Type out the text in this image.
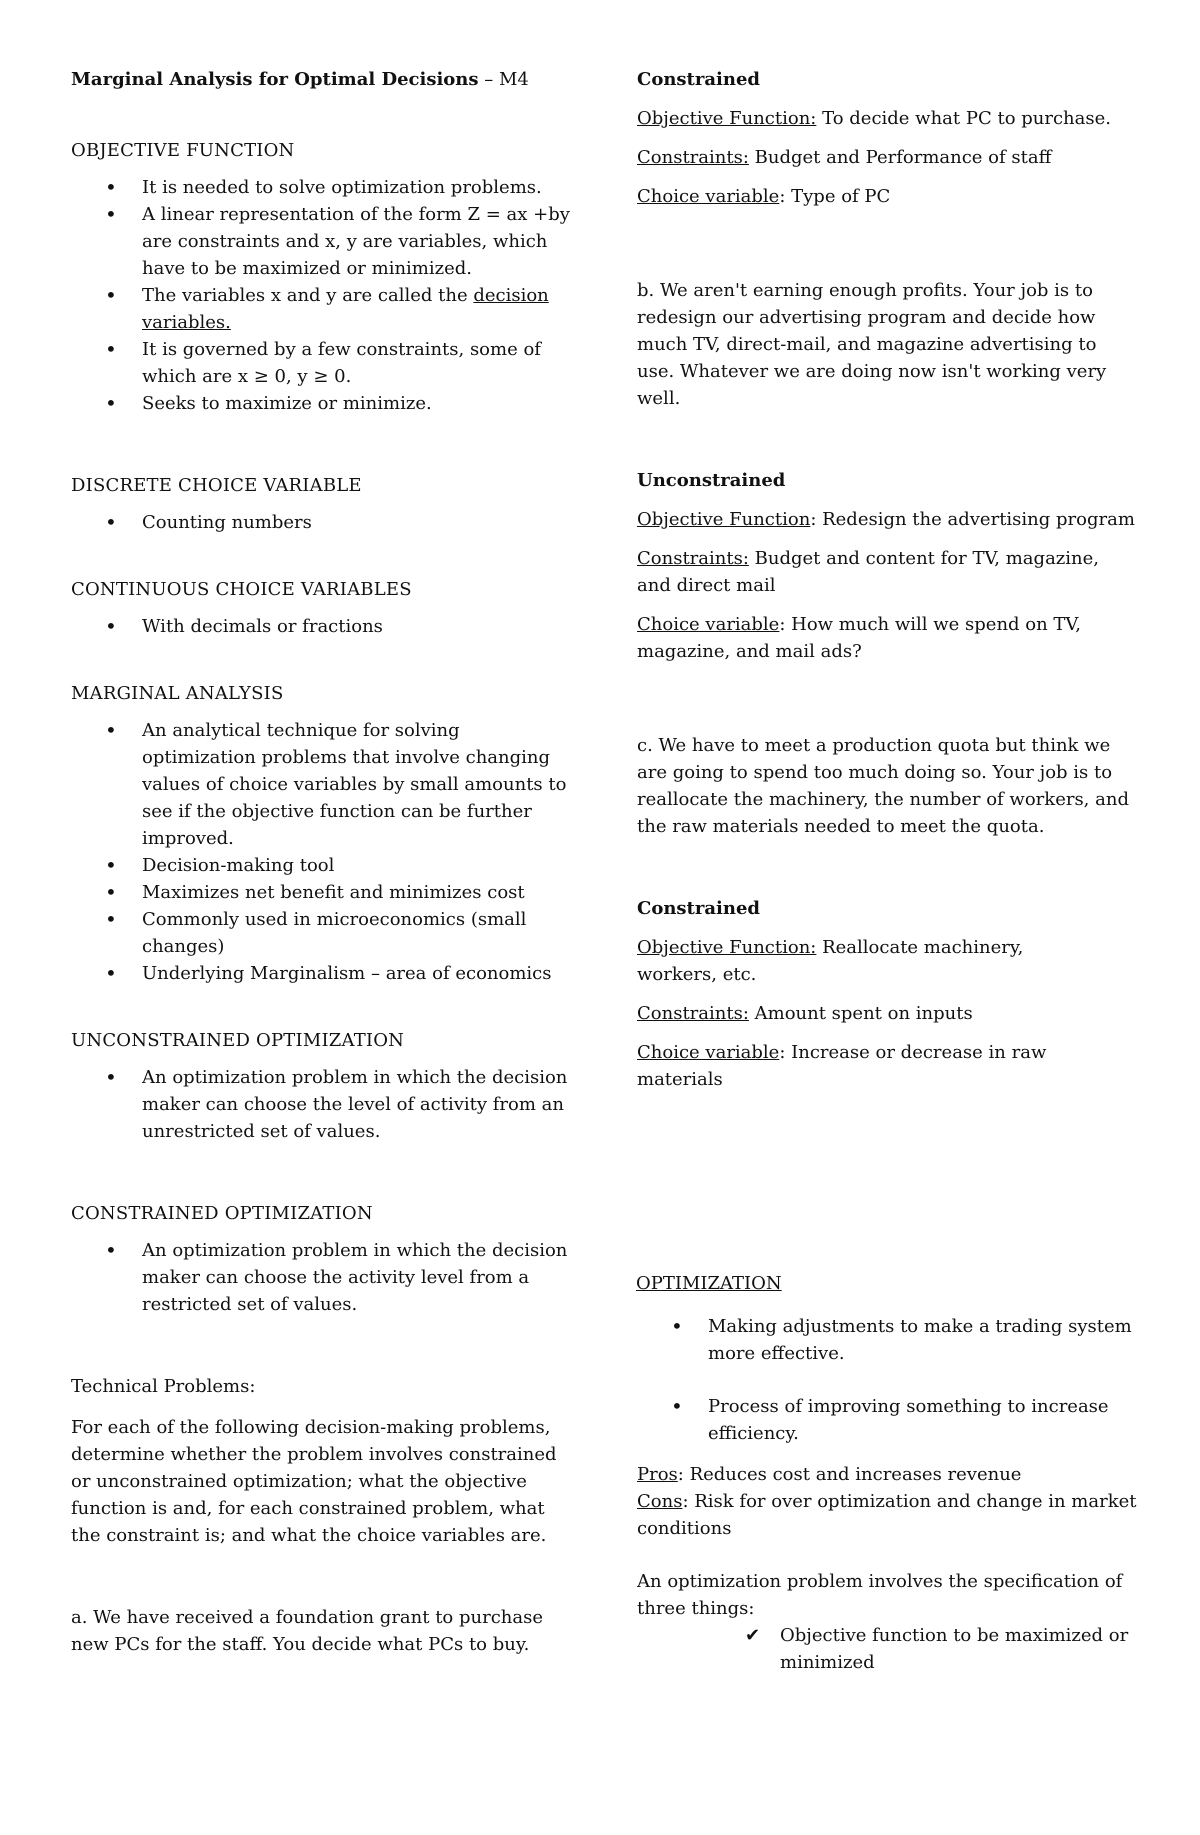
Marginal Analysis for Optimal Decisions – M4

OBJECTIVE FUNCTION

• It is needed to solve optimization problems.
• A linear representation of the form Z = ax +by are constraints and x, y are variables, which have to be maximized or minimized.
• The variables x and y are called the decision variables.
• It is governed by a few constraints, some of which are x ≥ 0, y ≥ 0.
• Seeks to maximize or minimize.

DISCRETE CHOICE VARIABLE

• Counting numbers

CONTINUOUS CHOICE VARIABLES

• With decimals or fractions

MARGINAL ANALYSIS

• An analytical technique for solving optimization problems that involve changing values of choice variables by small amounts to see if the objective function can be further improved.
• Decision-making tool
• Maximizes net benefit and minimizes cost
• Commonly used in microeconomics (small changes)
• Underlying Marginalism – area of economics

UNCONSTRAINED OPTIMIZATION

• An optimization problem in which the decision maker can choose the level of activity from an unrestricted set of values.

CONSTRAINED OPTIMIZATION

• An optimization problem in which the decision maker can choose the activity level from a restricted set of values.

Technical Problems:

For each of the following decision-making problems, determine whether the problem involves constrained or unconstrained optimization; what the objective function is and, for each constrained problem, what the constraint is; and what the choice variables are.

a. We have received a foundation grant to purchase new PCs for the staff. You decide what PCs to buy.

Constrained

Objective Function: To decide what PC to purchase.

Constraints: Budget and Performance of staff

Choice variable: Type of PC

b. We aren't earning enough profits. Your job is to redesign our advertising program and decide how much TV, direct-mail, and magazine advertising to use. Whatever we are doing now isn't working very well.

Unconstrained

Objective Function: Redesign the advertising program

Constraints: Budget and content for TV, magazine, and direct mail

Choice variable: How much will we spend on TV, magazine, and mail ads?

c. We have to meet a production quota but think we are going to spend too much doing so. Your job is to reallocate the machinery, the number of workers, and the raw materials needed to meet the quota.

Constrained

Objective Function: Reallocate machinery,
workers, etc.

Constraints: Amount spent on inputs

Choice variable: Increase or decrease in raw materials

OPTIMIZATION

• Making adjustments to make a trading system more effective.
• Process of improving something to increase efficiency.

Pros: Reduces cost and increases revenue

Cons: Risk for over optimization and change in market conditions

An optimization problem involves the specification of three things:

✔ Objective function to be maximized or minimized
